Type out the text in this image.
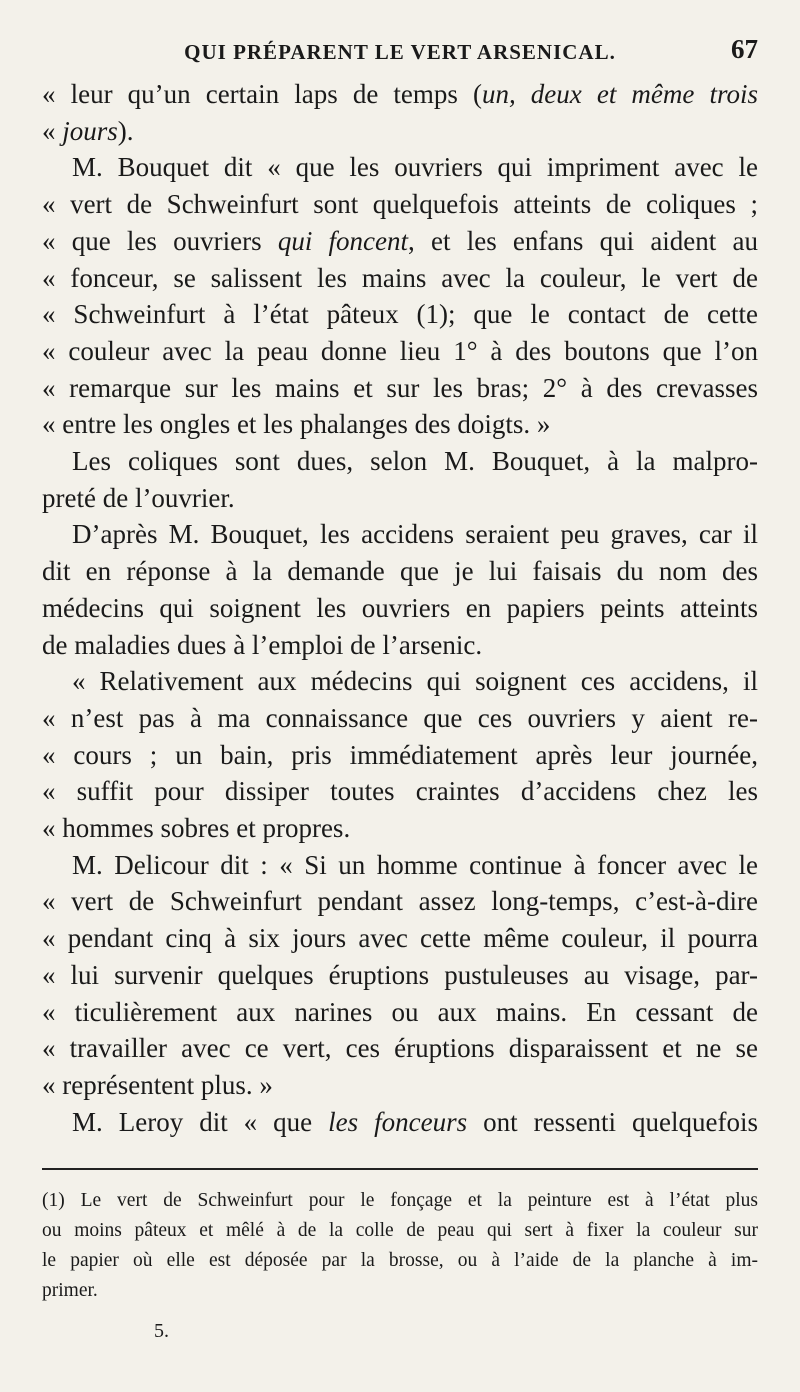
QUI PRÉPARENT LE VERT ARSENICAL.	67
« leur qu’un certain laps de temps (un, deux et même trois
« jours).
M. Bouquet dit « que les ouvriers qui impriment avec le
« vert de Schweinfurt sont quelquefois atteints de coliques ;
« que les ouvriers qui foncent, et les enfans qui aident au
« fonceur, se salissent les mains avec la couleur, le vert de
« Schweinfurt à l’état pâteux (1); que le contact de cette
« couleur avec la peau donne lieu 1° à des boutons que l’on
« remarque sur les mains et sur les bras; 2° à des crevasses
« entre les ongles et les phalanges des doigts. »
Les coliques sont dues, selon M. Bouquet, à la malpro-
preté de l’ouvrier.
D’après M. Bouquet, les accidens seraient peu graves, car il
dit en réponse à la demande que je lui faisais du nom des
médecins qui soignent les ouvriers en papiers peints atteints
de maladies dues à l’emploi de l’arsenic.
« Relativement aux médecins qui soignent ces accidens, il
« n’est pas à ma connaissance que ces ouvriers y aient re-
« cours ; un bain, pris immédiatement après leur journée,
« suffit pour dissiper toutes craintes d’accidens chez les
« hommes sobres et propres.
M. Delicour dit : « Si un homme continue à foncer avec le
« vert de Schweinfurt pendant assez long-temps, c’est-à-dire
« pendant cinq à six jours avec cette même couleur, il pourra
« lui survenir quelques éruptions pustuleuses au visage, par-
« ticulièrement aux narines ou aux mains. En cessant de
« travailler avec ce vert, ces éruptions disparaissent et ne se
« représentent plus. »
M. Leroy dit « que les fonceurs ont ressenti quelquefois
(1) Le vert de Schweinfurt pour le fonçage et la peinture est à l’état plus
ou moins pâteux et mêlé à de la colle de peau qui sert à fixer la couleur sur
le papier où elle est déposée par la brosse, ou à l’aide de la planche à im-
primer.
5.
